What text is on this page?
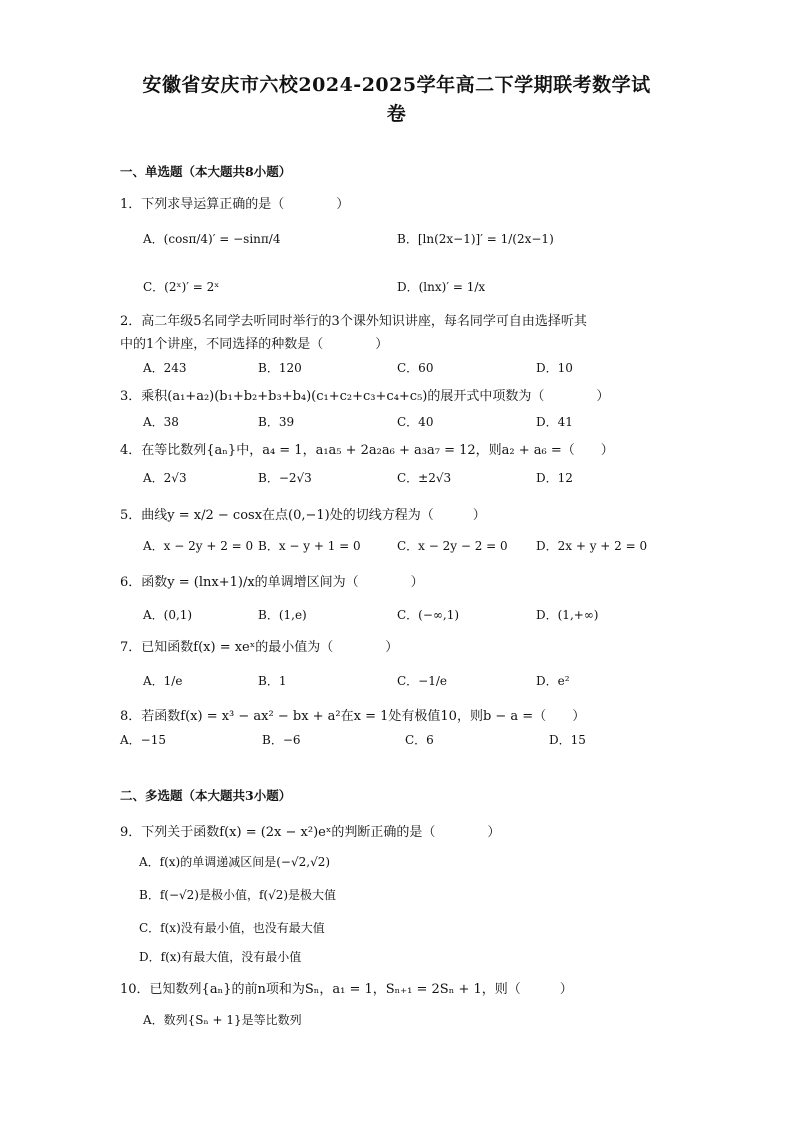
安徽省安庆市六校2024-2025学年高二下学期联考数学试
卷
一、单选题（本大题共8小题）
1．下列求导运算正确的是（　　　　）
A．(cosπ/4)′ = −sinπ/4	B．[ln(2x−1)]′ = 1/(2x−1)
C．(2ˣ)′ = 2ˣ	D．(lnx)′ = 1/x
2．高二年级5名同学去听同时举行的3个课外知识讲座，每名同学可自由选择听其
中的1个讲座，不同选择的种数是（　　　　）
A．243	B．120	C．60	D．10
3．乘积(a₁+a₂)(b₁+b₂+b₃+b₄)(c₁+c₂+c₃+c₄+c₅)的展开式中项数为（　　　　）
A．38	B．39	C．40	D．41
4．在等比数列{aₙ}中，a₄ = 1，a₁a₅ + 2a₂a₆ + a₃a₇ = 12，则a₂ + a₆ =（　　）
A．2√3	B．−2√3	C．±2√3	D．12
5．曲线y = x/2 − cosx在点(0,−1)处的切线方程为（　　　）
A．x − 2y + 2 = 0 B．x − y + 1 = 0	C．x − 2y − 2 = 0 D．2x + y + 2 = 0
6．函数y = (lnx+1)/x的单调增区间为（　　　　）
A．(0,1)	B．(1,e)	C．(−∞,1)	D．(1,+∞)
7．已知函数f(x) = xeˣ的最小值为（　　　　）
A．1/e	B．1	C．−1/e	D．e²
8．若函数f(x) = x³ − ax² − bx + a²在x = 1处有极值10，则b − a =（　　）
A．−15	B．−6	C．6	D．15
二、多选题（本大题共3小题）
9．下列关于函数f(x) = (2x − x²)eˣ的判断正确的是（　　　　）
A．f(x)的单调递减区间是(−√2,√2)
B．f(−√2)是极小值，f(√2)是极大值
C．f(x)没有最小值，也没有最大值
D．f(x)有最大值，没有最小值
10．已知数列{aₙ}的前n项和为Sₙ，a₁ = 1，Sₙ₊₁ = 2Sₙ + 1，则（　　　）
A．数列{Sₙ + 1}是等比数列
